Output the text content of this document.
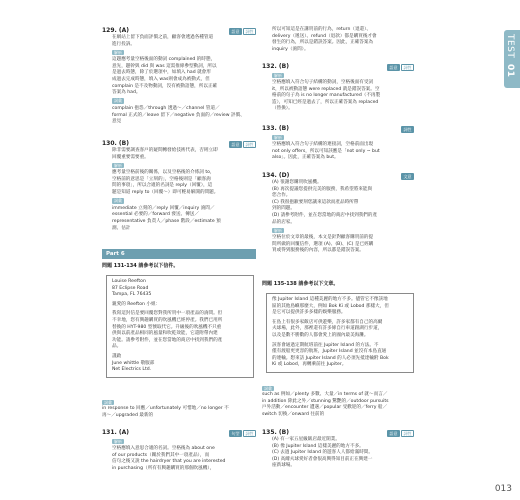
TEST
01
129. (A)	語意	詞性
在網站上留下負面評價之前，顧客會透過各種管道
進行投訴。
解析
這題應考量空格後面的動詞 complained 的時態，
意先，題幹與 did 與 was 這需推條參型動詞，所以
是過去時態，除了於選項中，如填入 had 就會形
成過去完成時態，填入 was則會成為被動式，但
complain 是不及物動詞，沒有被動語態，所以正確
答案為 had。
詞彙
complain 抱怨／through 透過～／channel 管道／
formal 正式的／leave 留下／negative 負面的／review 評價、
意見
130. (B)	語意	詞性
除非需要調查客戶的疑問轉發給技術代表，否則立即
回覆重要需要重。
解析
應考量空格前後的關係，以及空格後的介係詞 to，
空格前的意思是「立刻的」，空格後則是「顧客詢
問的事項」，所以合適的名詞是 reply（回覆），這
題是知道 reply to（回覆～）即可輕易解開的問題。
詞彙
immediate 立刻的／reply 回覆／inquiry 詢問／
essential 必要的／forward 發送、傳送／
representative 負責人／phase 階段／estimate 預
測、估計
Part 6
問題 131-134 請參考以下信件。
Louise Reefton
87 Eclipse Road
Tampa, FL 76435
親愛的 Reefton 小姐：
我寫這封信是要回覆您對我所買中一項產品的詢問。但
不幸地，您有興趣購買的吹風機已經停產。我們已用所
替換的 HYT-980 型號取代它。升級後的吹風機不只重
供與以前產品相同的風量和吹乾效能，它還附帶內建
功能。請參考附件，並在您當地的商店中找到我們的產
品。
謹啟
June whittle 敬服部
Net Electrics Ltd.
詞彙
in response to 回應／unfortunately 可惜地／no longer 不
再～／upgraded 最新的
131. (A)	句型	詞性
解析
空格應填入意思合適的名詞。空格後為 about one
of our products（關於我們其中一項產品），而
信句之後又說 the hairdryer that you are interested
in purchasing（所有有興趣購買的那個吹風機），
所以可知這是在講買前的行為，return（退還）、
delivery（遞送）、refund（退款）都是購買後才會
發生的行為，所以是錯誤答案。因此，正確答案為
inquiry（詢問）。
132. (B)	語意	詞性
解析
空格應填入符合句子結構的動詞，空格後面有受詞
it，所以被動語態 were replaced 就是錯誤答案。空
格前的句子為 is no longer manufactured（不再製
造），可知已經是過去了，所以正確答案為 replaced
（替換）。
133. (B)	詞性
解析
空格應填入符合句子結構的連接詞，空格前面出現
not only offers，所以可知該應是「not only ~ but
also」。因此，正確答案為 but。
134. (D)	文意
(A) 很謝您購買吹風機。
(B) 再次提議您提供完美的服務，我希望將來能與
您合作。
(C) 我很抱歉要刻您讓來這款而產品時所帶
到的問題。
(D) 請參考附件，並在您當地的商店中找到我們的產
品的店家。
解析
空格位於文章的最後，本文是針對顧客購買前的提
問所做的回覆信件，選項 (A)、(B)、(C) 是已經購
買或得到服務後的內容，所以都是錯誤答案。
問題 135-138 請參考以下文章。
像 Jupiter Island 這種美麗的地方不多。儘管它不像該地
區的其他島嶼那麼大，例如 Bok Ki 或 Lobod 那樣大，但
是它可以提供許多多樣的娛樂服務。
在島上有很多家飯店可供遊樂，許多家都有自己的高爾
夫球場，此外，那裡還有許多條自行車道跟湖行步道，
以及是數不勝數的人都會愛上的國內最美海灘。
該客會通過定期航班前往 Jupiter Island 的方法。不
僅有渡船更更容的航班，Jupiter Island 並沒有本島直通
的連輸。想來訪 Jupiter Island 的人必須先抵達輸附 Bok
Ki 或 Lobod，再轉乘前往 Jupiter。
詞彙
such as 例如／plenty 多數、大量／in terms of 就～而言／
in addition 除此之外／stunning 驚艷的／outdoor pursuits
戶外活動／encounter 遭遇／popular 受歡迎的／ferry 船／
switch 切換／onward 往前的
135. (B)	語意	詞性
(A) 有一家五星級飯店最近開業。
(B) 像 Jupiter Island 這樣美麗的地方不多。
(C) 去過 Jupiter Island 的遊客人人都給滿時間。
(D) 高爾夫球愛好者會很高興得知目前正在興建一
座新球場。
013
